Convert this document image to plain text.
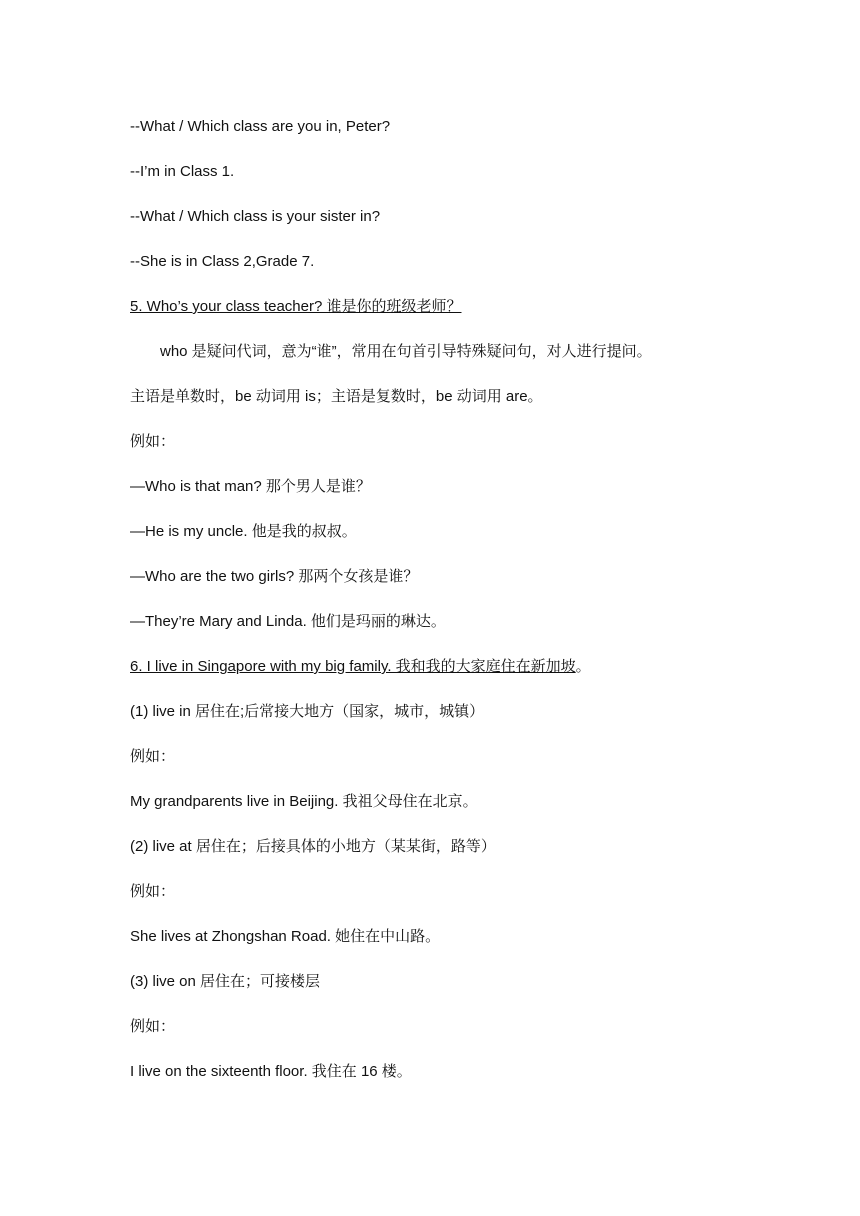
--What / Which class are you in, Peter?
--I’m in Class 1.
--What / Which class is your sister in?
--She is in Class 2,Grade 7.
5. Who’s your class teacher? 谁是你的班级老师？
who 是疑问代词，意为“谁”，常用在句首引导特殊疑问句，对人进行提问。
主语是单数时，be 动词用 is；主语是复数时，be 动词用 are。
例如：
—Who is that man? 那个男人是谁？
—He is my uncle. 他是我的叔叔。
—Who are the two girls? 那两个女孩是谁？
—They’re Mary and Linda. 他们是玛丽的琳达。
6. I live in Singapore with my big family. 我和我的大家庭住在新加坡。
(1) live in 居住在;后常接大地方（国家，城市，城镇）
例如：
My grandparents live in Beijing. 我祖父母住在北京。
(2) live at 居住在；后接具体的小地方（某某街，路等）
例如：
She lives at Zhongshan Road. 她住在中山路。
(3) live on 居住在；可接楼层
例如：
I live on the sixteenth floor. 我住在 16 楼。
